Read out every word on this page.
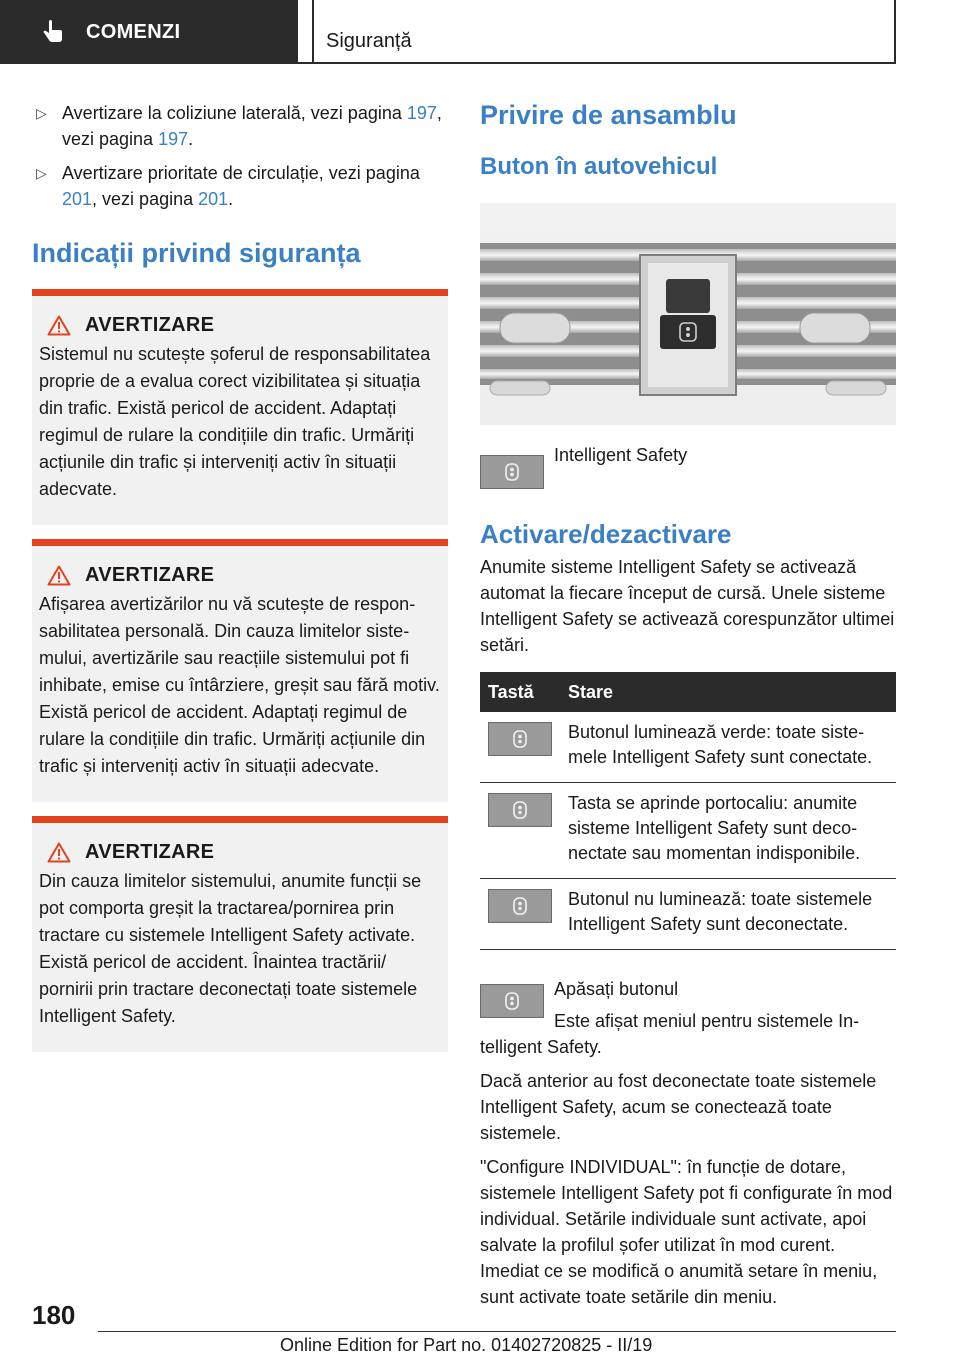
COMENZI	Siguranță
▷ Avertizare la coliziune laterală, vezi pagina 197, vezi pagina 197.
▷ Avertizare prioritate de circulație, vezi pagina 201, vezi pagina 201.
Indicații privind siguranța
AVERTIZARE
Sistemul nu scutește șoferul de responsabilitatea proprie de a evalua corect vizibilitatea și situația din trafic. Există pericol de accident. Adaptați regimul de rulare la condițiile din trafic. Urmăriți acțiunile din trafic și interveniți activ în situații adecvate.
AVERTIZARE
Afișarea avertizărilor nu vă scutește de responsabilitatea personală. Din cauza limitelor sistemului, avertizările sau reacțiile sistemului pot fi inhibate, emise cu întârziere, greșit sau fără motiv. Există pericol de accident. Adaptați regimul de rulare la condițiile din trafic. Urmăriți acțiunile din trafic și interveniți activ în situații adecvate.
AVERTIZARE
Din cauza limitelor sistemului, anumite funcții se pot comporta greșit la tractarea/pornirea prin tractare cu sistemele Intelligent Safety activate. Există pericol de accident. Înaintea tractării/ pornirii prin tractare deconectați toate sistemele Intelligent Safety.
Privire de ansamblu
Buton în autovehicul
Intelligent Safety
Activare/dezactivare

Anumite sisteme Intelligent Safety se activează automat la fiecare început de cursă. Unele sisteme Intelligent Safety se activează corespunzător ultimei setări.

Tastă	Stare

	Butonul luminează verde: toate sistemele Intelligent Safety sunt conectate.

	Tasta se aprinde portocaliu: anumite sisteme Intelligent Safety sunt deconectate sau momentan indisponibile.

	Butonul nu luminează: toate sistemele Intelligent Safety sunt deconectate.

Apăsați butonul

Este afișat meniul pentru sistemele Intelligent Safety.

Dacă anterior au fost deconectate toate sistemele Intelligent Safety, acum se conectează toate sistemele.

"Configure INDIVIDUAL": în funcție de dotare, sistemele Intelligent Safety pot fi configurate în mod individual. Setările individuale sunt activate, apoi salvate la profilul șofer utilizat în mod curent. Imediat ce se modifică o anumită setare în meniu, sunt activate toate setările din meniu.

180
Online Edition for Part no. 01402720825 - II/19
